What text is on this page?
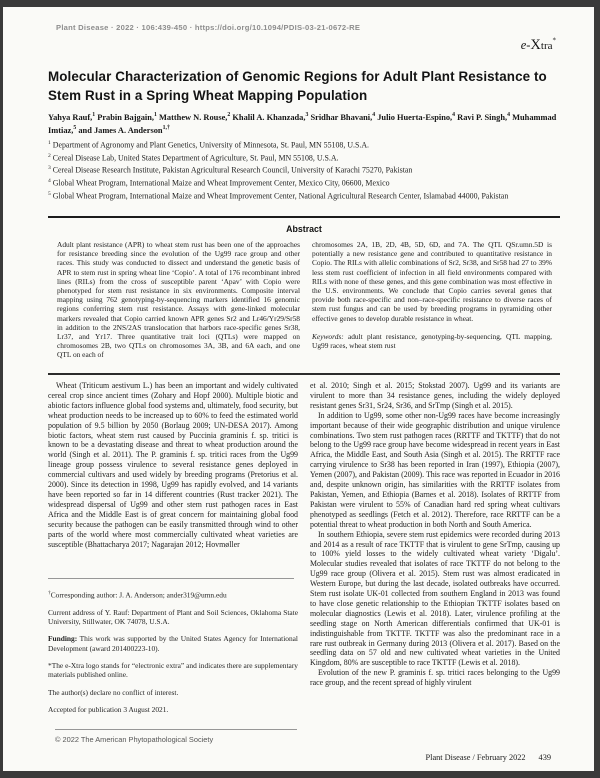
Plant Disease · 2022 · 106:439-450 · https://doi.org/10.1094/PDIS-03-21-0672-RE
e-Xtra*
Molecular Characterization of Genomic Regions for Adult Plant Resistance to
Stem Rust in a Spring Wheat Mapping Population
Yahya Rauf,$^1$ Prabin Bajgain,$^1$ Matthew N. Rouse,$^2$ Khalil A. Khanzada,$^3$ Sridhar Bhavani,$^4$ Julio Huerta-Espino,$^4$ Ravi P. Singh,$^4$ Muhammad Imtiaz,$^5$ and James A. Anderson$^{1,\dagger}$
$^1$ Department of Agronomy and Plant Genetics, University of Minnesota, St. Paul, MN 55108, U.S.A.
$^2$ Cereal Disease Lab, United States Department of Agriculture, St. Paul, MN 55108, U.S.A.
$^3$ Cereal Disease Research Institute, Pakistan Agricultural Research Council, University of Karachi 75270, Pakistan
$^4$ Global Wheat Program, International Maize and Wheat Improvement Center, Mexico City, 06600, Mexico
$^5$ Global Wheat Program, International Maize and Wheat Improvement Center, National Agricultural Research Center, Islamabad 44000, Pakistan
Abstract
Adult plant resistance (APR) to wheat stem rust has been one of the approaches for resistance breeding since the evolution of the Ug99 race group and other races. This study was conducted to dissect and understand the genetic basis of APR to stem rust in spring wheat line ‘Copio’. A total of 176 recombinant inbred lines (RILs) from the cross of susceptible parent ‘Apav’ with Copio were phenotyped for stem rust resistance in six environments. Composite interval mapping using 762 genotyping-by-sequencing markers identified 16 genomic regions conferring stem rust resistance. Assays with gene-linked molecular markers revealed that Copio carried known APR genes Sr2 and Lr46/Yr29/Sr58 in addition to the 2NS/2AS translocation that harbors race-specific genes Sr38, Lr37, and Yr17. Three quantitative trait loci (QTLs) were mapped on chromosomes 2B, two QTLs on chromosomes 3A, 3B, and 6A each, and one QTL on each of

chromosomes 2A, 1B, 2D, 4B, 5D, 6D, and 7A. The QTL QSr.umn.5D is potentially a new resistance gene and contributed to quantitative resistance in Copio. The RILs with allelic combinations of Sr2, Sr38, and Sr58 had 27 to 39% less stem rust coefficient of infection in all field environments compared with RILs with none of these genes, and this gene combination was most effective in the U.S. environments. We conclude that Copio carries several genes that provide both race-specific and non–race-specific resistance to diverse races of stem rust fungus and can be used by breeding programs in pyramiding other effective genes to develop durable resistance in wheat.

Keywords: adult plant resistance, genotyping-by-sequencing, QTL mapping, Ug99 races, wheat stem rust

Wheat (Triticum aestivum L.) has been an important and widely cultivated cereal crop since ancient times (Zohary and Hopf 2000). Multiple biotic and abiotic factors influence global food systems and, ultimately, food security, but wheat production needs to be increased up to 60% to feed the estimated world population of 9.5 billion by 2050 (Borlaug 2009; UN-DESA 2017). Among biotic factors, wheat stem rust caused by Puccinia graminis f. sp. tritici is known to be a devastating disease and threat to wheat production around the world (Singh et al. 2011). The P. graminis f. sp. tritici races from the Ug99 lineage group possess virulence to several resistance genes deployed in commercial cultivars and used widely by breeding programs (Pretorius et al. 2000). Since its detection in 1998, Ug99 has rapidly evolved, and 14 variants have been reported so far in 14 different countries (Rust tracker 2021). The widespread dispersal of Ug99 and other stem rust pathogen races in East Africa and the Middle East is of great concern for maintaining global food security because the pathogen can be easily transmitted through wind to other parts of the world where most commercially cultivated wheat varieties are susceptible (Bhattacharya 2017; Nagarajan 2012; Hovmøller

et al. 2010; Singh et al. 2015; Stokstad 2007). Ug99 and its variants are virulent to more than 34 resistance genes, including the widely deployed resistant genes Sr31, Sr24, Sr36, and SrTmp (Singh et al. 2015).

In addition to Ug99, some other non-Ug99 races have become increasingly important because of their wide geographic distribution and unique virulence combinations. Two stem rust pathogen races (RRTTF and TKTTF) that do not belong to the Ug99 race group have become widespread in recent years in East Africa, the Middle East, and South Asia (Singh et al. 2015). The RRTTF race carrying virulence to Sr38 has been reported in Iran (1997), Ethiopia (2007), Yemen (2007), and Pakistan (2009). This race was reported in Ecuador in 2016 and, despite unknown origin, has similarities with the RRTTF isolates from Pakistan, Yemen, and Ethiopia (Barnes et al. 2018). Isolates of RRTTF from Pakistan were virulent to 55% of Canadian hard red spring wheat cultivars phenotyped as seedlings (Fetch et al. 2012). Therefore, race RRTTF can be a potential threat to wheat production in both North and South America.

In southern Ethiopia, severe stem rust epidemics were recorded during 2013 and 2014 as a result of race TKTTF that is virulent to gene SrTmp, causing up to 100% yield losses to the widely cultivated wheat variety ‘Digalu’. Molecular studies revealed that isolates of race TKTTF do not belong to the Ug99 race group (Olivera et al. 2015). Stem rust was almost eradicated in Western Europe, but during the last decade, isolated outbreaks have occurred. Stem rust isolate UK-01 collected from southern England in 2013 was found to have close genetic relationship to the Ethiopian TKTTF isolates based on molecular diagnostics (Lewis et al. 2018). Later, virulence profiling at the seedling stage on North American differentials confirmed that UK-01 is indistinguishable from TKTTF. TKTTF was also the predominant race in a rare rust outbreak in Germany during 2013 (Olivera et al. 2017). Based on the seedling data on 57 old and new cultivated wheat varieties in the United Kingdom, 80% are susceptible to race TKTTF (Lewis et al. 2018).

Evolution of the new P. graminis f. sp. tritici races belonging to the Ug99 race group, and the recent spread of highly virulent

†Corresponding author: J. A. Anderson; ander319@umn.edu

Current address of Y. Rauf: Department of Plant and Soil Sciences, Oklahoma State University, Stillwater, OK 74078, U.S.A.

Funding: This work was supported by the United States Agency for International Development (award 201400223-10).

*The e-Xtra logo stands for “electronic extra” and indicates there are supplementary materials published online.

The author(s) declare no conflict of interest.

Accepted for publication 3 August 2021.

© 2022 The American Phytopathological Society
Plant Disease / February 2022 439
